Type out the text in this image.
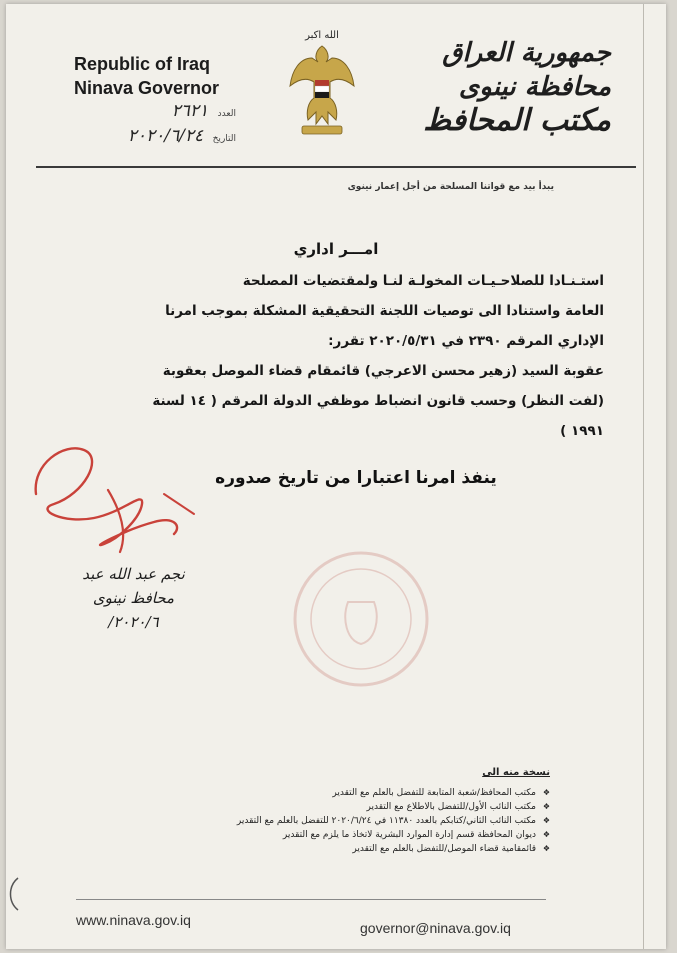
Republic of Iraq
Ninava Governor
الله اكبر
جمهورية العراق
محافظة نينوى
مكتب المحافظ
العدد ٢٦٢١
التاريخ ٢٠٢٠/٦/٢٤
يبدأ بيد مع قواتنا المسلحة من أجل إعمار نينوى
امـــر اداري

استـنـادا للصلاحـيـات المخولـة لنـا ولمقتضيات المصلحة

العامة واستنادا الى توصيات اللجنة التحقيقية المشكلة بموجب امرنا

الإداري المرقم ٢٣٩٠ في ٢٠٢٠/٥/٣١ تقرر:

عقوبة السيد (زهير محسن الاعرجي) قائمقام قضاء الموصل بعقوبة

(لفت النظر) وحسب قانون انضباط موظفي الدولة المرقم ( ١٤ لسنة

١٩٩١ )

ينفذ امرنا اعتبارا من تاريخ صدوره
نجم عبد الله عبد
محافظ نينوى
٢٠٢٠/٦/
نسخة منه الى
❖ مكتب المحافظ/شعبة المتابعة للتفضل بالعلم مع التقدير
❖ مكتب النائب الأول/للتفضل بالاطلاع مع التقدير
❖ مكتب النائب الثاني/كتابكم بالعدد ١١٣٨٠ في ٢٠٢٠/٦/٢٤ للتفضل بالعلم مع التقدير
❖ ديوان المحافظة قسم إدارة الموارد البشرية لاتخاذ ما يلزم مع التقدير
❖ قائمقامية قضاء الموصل/للتفضل بالعلم مع التقدير
www.ninava.gov.iq	governor@ninava.gov.iq
